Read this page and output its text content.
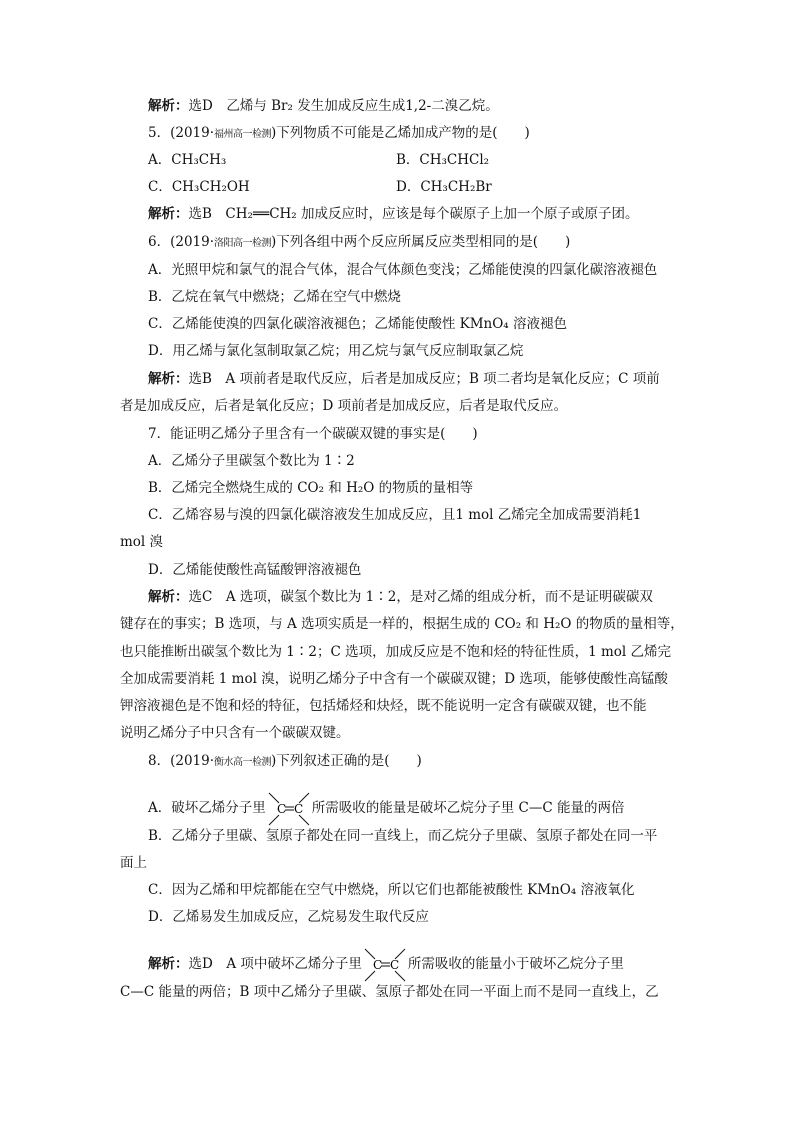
解析：选D　乙烯与 Br₂ 发生加成反应生成1,2-二溴乙烷。
5．(2019·福州高一检测)下列物质不可能是乙烯加成产物的是(　　)
A．CH₃CH₃	B．CH₃CHCl₂
C．CH₃CH₂OH	D．CH₃CH₂Br
解析：选B　CH₂══CH₂ 加成反应时，应该是每个碳原子上加一个原子或原子团。
6．(2019·洛阳高一检测)下列各组中两个反应所属反应类型相同的是(　　)
A．光照甲烷和氯气的混合气体，混合气体颜色变浅；乙烯能使溴的四氯化碳溶液褪色
B．乙烷在氧气中燃烧；乙烯在空气中燃烧
C．乙烯能使溴的四氯化碳溶液褪色；乙烯能使酸性 KMnO₄ 溶液褪色
D．用乙烯与氯化氢制取氯乙烷；用乙烷与氯气反应制取氯乙烷
解析：选B　A 项前者是取代反应，后者是加成反应；B 项二者均是氧化反应；C 项前
者是加成反应，后者是氧化反应；D 项前者是加成反应，后者是取代反应。
7．能证明乙烯分子里含有一个碳碳双键的事实是(　　)
A．乙烯分子里碳氢个数比为 1∶2
B．乙烯完全燃烧生成的 CO₂ 和 H₂O 的物质的量相等
C．乙烯容易与溴的四氯化碳溶液发生加成反应，且1 mol 乙烯完全加成需要消耗1
mol 溴
D．乙烯能使酸性高锰酸钾溶液褪色
解析：选C　A 选项，碳氢个数比为 1∶2，是对乙烯的组成分析，而不是证明碳碳双
键存在的事实；B 选项，与 A 选项实质是一样的，根据生成的 CO₂ 和 H₂O 的物质的量相等，
也只能推断出碳氢个数比为 1∶2；C 选项，加成反应是不饱和烃的特征性质，1 mol 乙烯完
全加成需要消耗 1 mol 溴，说明乙烯分子中含有一个碳碳双键；D 选项，能够使酸性高锰酸
钾溶液褪色是不饱和烃的特征，包括烯烃和炔烃，既不能说明一定含有碳碳双键，也不能
说明乙烯分子中只含有一个碳碳双键。
8．(2019·衡水高一检测)下列叙述正确的是(　　)
A．破坏乙烯分子里 C C 所需吸收的能量是破坏乙烷分子里 C—C 能量的两倍
B．乙烯分子里碳、氢原子都处在同一直线上，而乙烷分子里碳、氢原子都处在同一平
面上
C．因为乙烯和甲烷都能在空气中燃烧，所以它们也都能被酸性 KMnO₄ 溶液氧化
D．乙烯易发生加成反应，乙烷易发生取代反应
解析：选D　A 项中破坏乙烯分子里 C C 所需吸收的能量小于破坏乙烷分子里
C—C 能量的两倍；B 项中乙烯分子里碳、氢原子都处在同一平面上而不是同一直线上，乙
